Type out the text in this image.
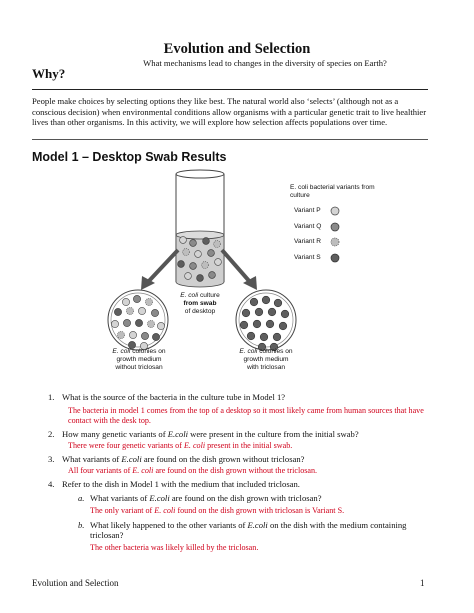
Evolution and Selection
What mechanisms lead to changes in the diversity of species on Earth?
Why?
People make choices by selecting options they like best. The natural world also ‘selects’ (although not as a conscious decision) when environmental conditions allow organisms with a particular genetic trait to live healthier lives than other organisms. In this activity, we will explore how selection affects populations over time.
Model 1 – Desktop Swab Results
E. coli bacterial variants from culture
Variant P
Variant Q
Variant R
Variant S
E. coli culture
from swab
of desktop
E. coli colonies on
growth medium
without triclosan
E. coli colonies on
growth medium
with triclosan
1. What is the source of the bacteria in the culture tube in Model 1?
The bacteria in model 1 comes from the top of a desktop so it most likely came from human sources that have contact with the desk top.
2. How many genetic variants of E.coli were present in the culture from the initial swab?
There were four genetic variants of E. coli present in the initial swab.
3. What variants of E.coli are found on the dish grown without triclosan?
All four variants of E. coli are found on the dish grown without the triclosan.
4. Refer to the dish in Model 1 with the medium that included triclosan.
a. What variants of E.coli are found on the dish grown with triclosan?
The only variant of E. coli found on the dish grown with triclosan is Variant S.
b. What likely happened to the other variants of E.coli on the dish with the medium containing triclosan?
The other bacteria was likely killed by the triclosan.
Evolution and Selection	1
